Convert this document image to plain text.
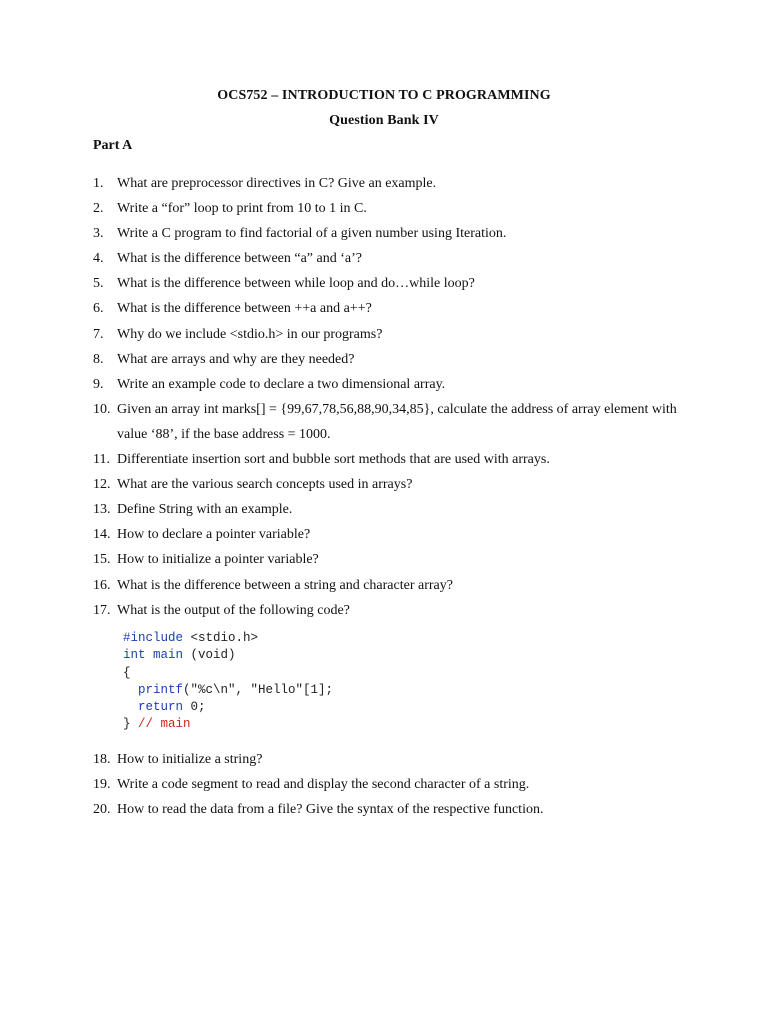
OCS752 – INTRODUCTION TO C PROGRAMMING
Question Bank IV
Part A
1. What are preprocessor directives in C? Give an example.
2. Write a “for” loop to print from 10 to 1 in C.
3. Write a C program to find factorial of a given number using Iteration.
4. What is the difference between “a” and ‘a’?
5. What is the difference between while loop and do…while loop?
6. What is the difference between ++a and a++?
7. Why do we include <stdio.h> in our programs?
8. What are arrays and why are they needed?
9. Write an example code to declare a two dimensional array.
10. Given an array int marks[] = {99,67,78,56,88,90,34,85}, calculate the address of array element with value ‘88’, if the base address = 1000.
11. Differentiate insertion sort and bubble sort methods that are used with arrays.
12. What are the various search concepts used in arrays?
13. Define String with an example.
14. How to declare a pointer variable?
15. How to initialize a pointer variable?
16. What is the difference between a string and character array?
17. What is the output of the following code?
#include <stdio.h>
int main (void)
{
printf("%c\n", "Hello"[1];
return 0;
} // main
18. How to initialize a string?
19. Write a code segment to read and display the second character of a string.
20. How to read the data from a file? Give the syntax of the respective function.
